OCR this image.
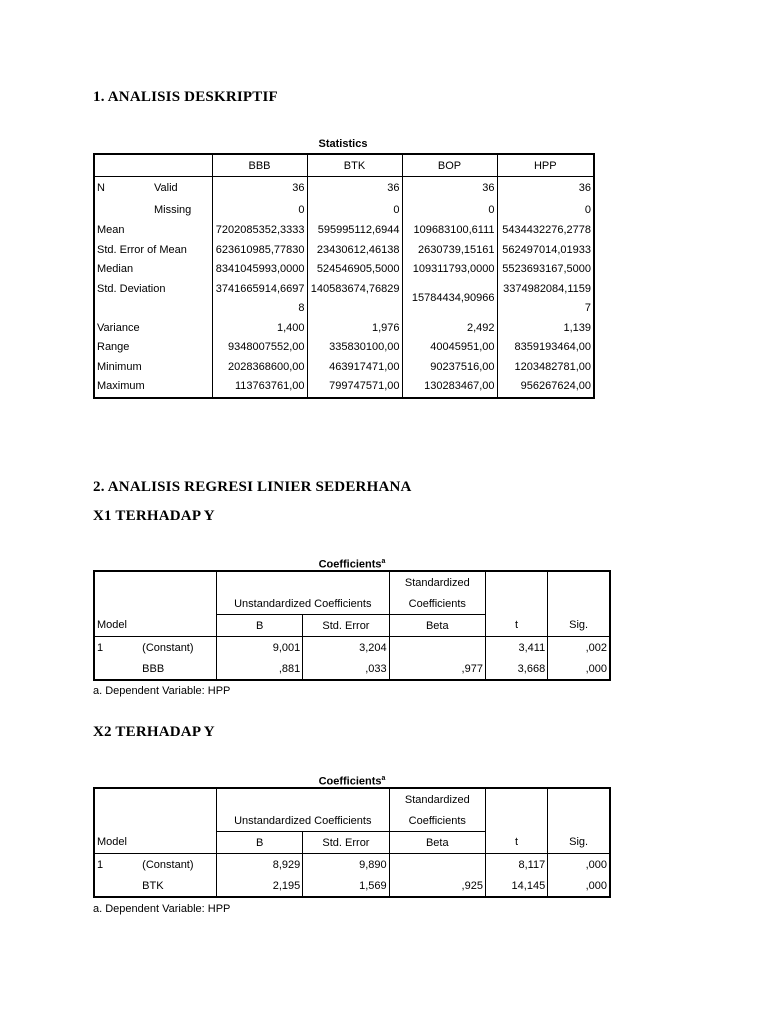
1. ANALISIS DESKRIPTIF
Statistics
		BBB	BTK	BOP	HPP
N	Valid	36	36	36	36
	Missing	0	0	0	0
Mean		7202085352,3333	595995112,6944	109683100,6111	5434432276,2778
Std. Error of Mean		623610985,77830	23430612,46138	2630739,15161	562497014,01933
Median		8341045993,0000	524546905,5000	109311793,0000	5523693167,5000
Std. Deviation		3741665914,66978	140583674,76829	15784434,90966	3374982084,11597
Variance		1,400	1,976	2,492	1,139
Range		9348007552,00	335830100,00	40045951,00	8359193464,00
Minimum		2028368600,00	463917471,00	90237516,00	1203482781,00
Maximum		113763761,00	799747571,00	130283467,00	956267624,00
2. ANALISIS REGRESI LINIER SEDERHANA
X1 TERHADAP Y
Coefficients$^a$
				Standardized		
		Unstandardized Coefficients		Coefficients		
Model		B	Std. Error	Beta	t	Sig.
1	(Constant)	9,001	3,204		3,411	,002
	BBB	,881	,033	,977	3,668	,000
a. Dependent Variable: HPP
X2 TERHADAP Y
Coefficients$^a$
				Standardized		
		Unstandardized Coefficients		Coefficients		
Model		B	Std. Error	Beta	t	Sig.
1	(Constant)	8,929	9,890		8,117	,000
	BTK	2,195	1,569	,925	14,145	,000
a. Dependent Variable: HPP
